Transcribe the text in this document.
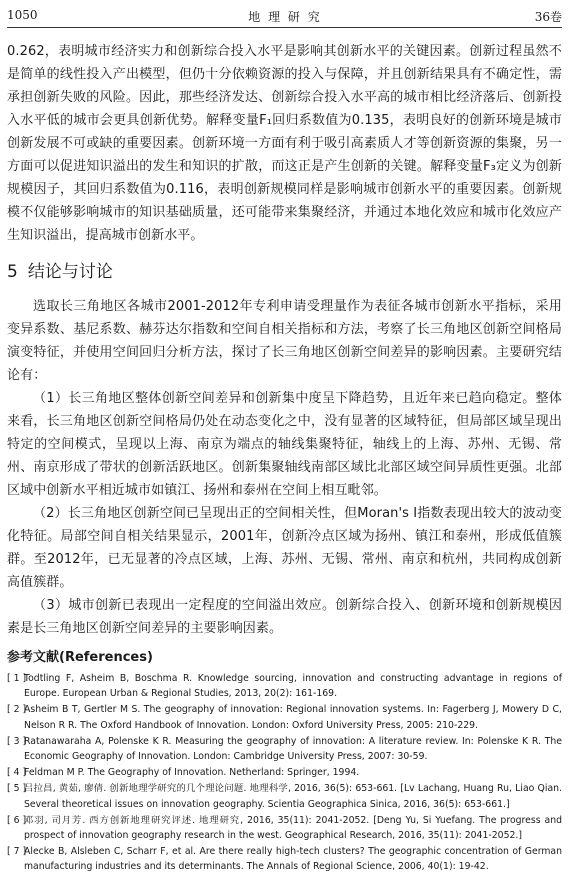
1050	地 理 研 究	36卷

0.262，表明城市经济实力和创新综合投入水平是影响其创新水平的关键因素。创新过程虽然不是简单的线性投入产出模型，但仍十分依赖资源的投入与保障，并且创新结果具有不确定性，需承担创新失败的风险。因此，那些经济发达、创新综合投入水平高的城市相比经济落后、创新投入水平低的城市会更具创新优势。解释变量F₁回归系数值为0.135，表明良好的创新环境是城市创新发展不可或缺的重要因素。创新环境一方面有利于吸引高素质人才等创新资源的集聚，另一方面可以促进知识溢出的发生和知识的扩散，而这正是产生创新的关键。解释变量F₃定义为创新规模因子，其回归系数值为0.116，表明创新规模同样是影响城市创新水平的重要因素。创新规模不仅能够影响城市的知识基础质量，还可能带来集聚经济，并通过本地化效应和城市化效应产生知识溢出，提高城市创新水平。

5 结论与讨论

选取长三角地区各城市2001-2012年专利申请受理量作为表征各城市创新水平指标，采用变异系数、基尼系数、赫芬达尔指数和空间自相关指标和方法，考察了长三角地区创新空间格局演变特征，并使用空间回归分析方法，探讨了长三角地区创新空间差异的影响因素。主要研究结论有：

（1）长三角地区整体创新空间差异和创新集中度呈下降趋势，且近年来已趋向稳定。整体来看，长三角地区创新空间格局仍处在动态变化之中，没有显著的区域特征，但局部区域呈现出特定的空间模式，呈现以上海、南京为端点的轴线集聚特征，轴线上的上海、苏州、无锡、常州、南京形成了带状的创新活跃地区。创新集聚轴线南部区域比北部区域空间异质性更强。北部区域中创新水平相近城市如镇江、扬州和泰州在空间上相互毗邻。

（2）长三角地区创新空间已呈现出正的空间相关性，但Moran's I指数表现出较大的波动变化特征。局部空间自相关结果显示，2001年，创新冷点区域为扬州、镇江和泰州，形成低值簇群。至2012年，已无显著的冷点区域，上海、苏州、无锡、常州、南京和杭州，共同构成创新高值簇群。

（3）城市创新已表现出一定程度的空间溢出效应。创新综合投入、创新环境和创新规模因素是长三角地区创新空间差异的主要影响因素。

参考文献(References)
[ 1 ]
Todtling F, Asheim B, Boschma R. Knowledge sourcing, innovation and constructing advantage in regions of Europe. European Urban & Regional Studies, 2013, 20(2): 161-169.
[ 2 ]
Asheim B T, Gertler M S. The geography of innovation: Regional innovation systems. In: Fagerberg J, Mowery D C, Nelson R R. The Oxford Handbook of Innovation. London: Oxford University Press, 2005: 210-229.
[ 3 ]
Ratanawaraha A, Polenske K R. Measuring the geography of innovation: A literature review. In: Polenske K R. The Economic Geography of Innovation. London: Cambridge University Press, 2007: 30-59.
[ 4 ]
Feldman M P. The Geography of Innovation. Netherland: Springer, 1994.
[ 5 ]
吕拉昌, 黄茹, 廖倩. 创新地理学研究的几个理论问题. 地理科学, 2016, 36(5): 653-661. [Lv Lachang, Huang Ru, Liao Qian. Several theoretical issues on innovation geography. Scientia Geographica Sinica, 2016, 36(5): 653-661.]
[ 6 ]
邓羽, 司月芳. 西方创新地理研究评述. 地理研究, 2016, 35(11): 2041-2052. [Deng Yu, Si Yuefang. The progress and prospect of innovation geography research in the west. Geographical Research, 2016, 35(11): 2041-2052.]
[ 7 ]
Alecke B, Alsleben C, Scharr F, et al. Are there really high-tech clusters? The geographic concentration of German manufacturing industries and its determinants. The Annals of Regional Science, 2006, 40(1): 19-42.
